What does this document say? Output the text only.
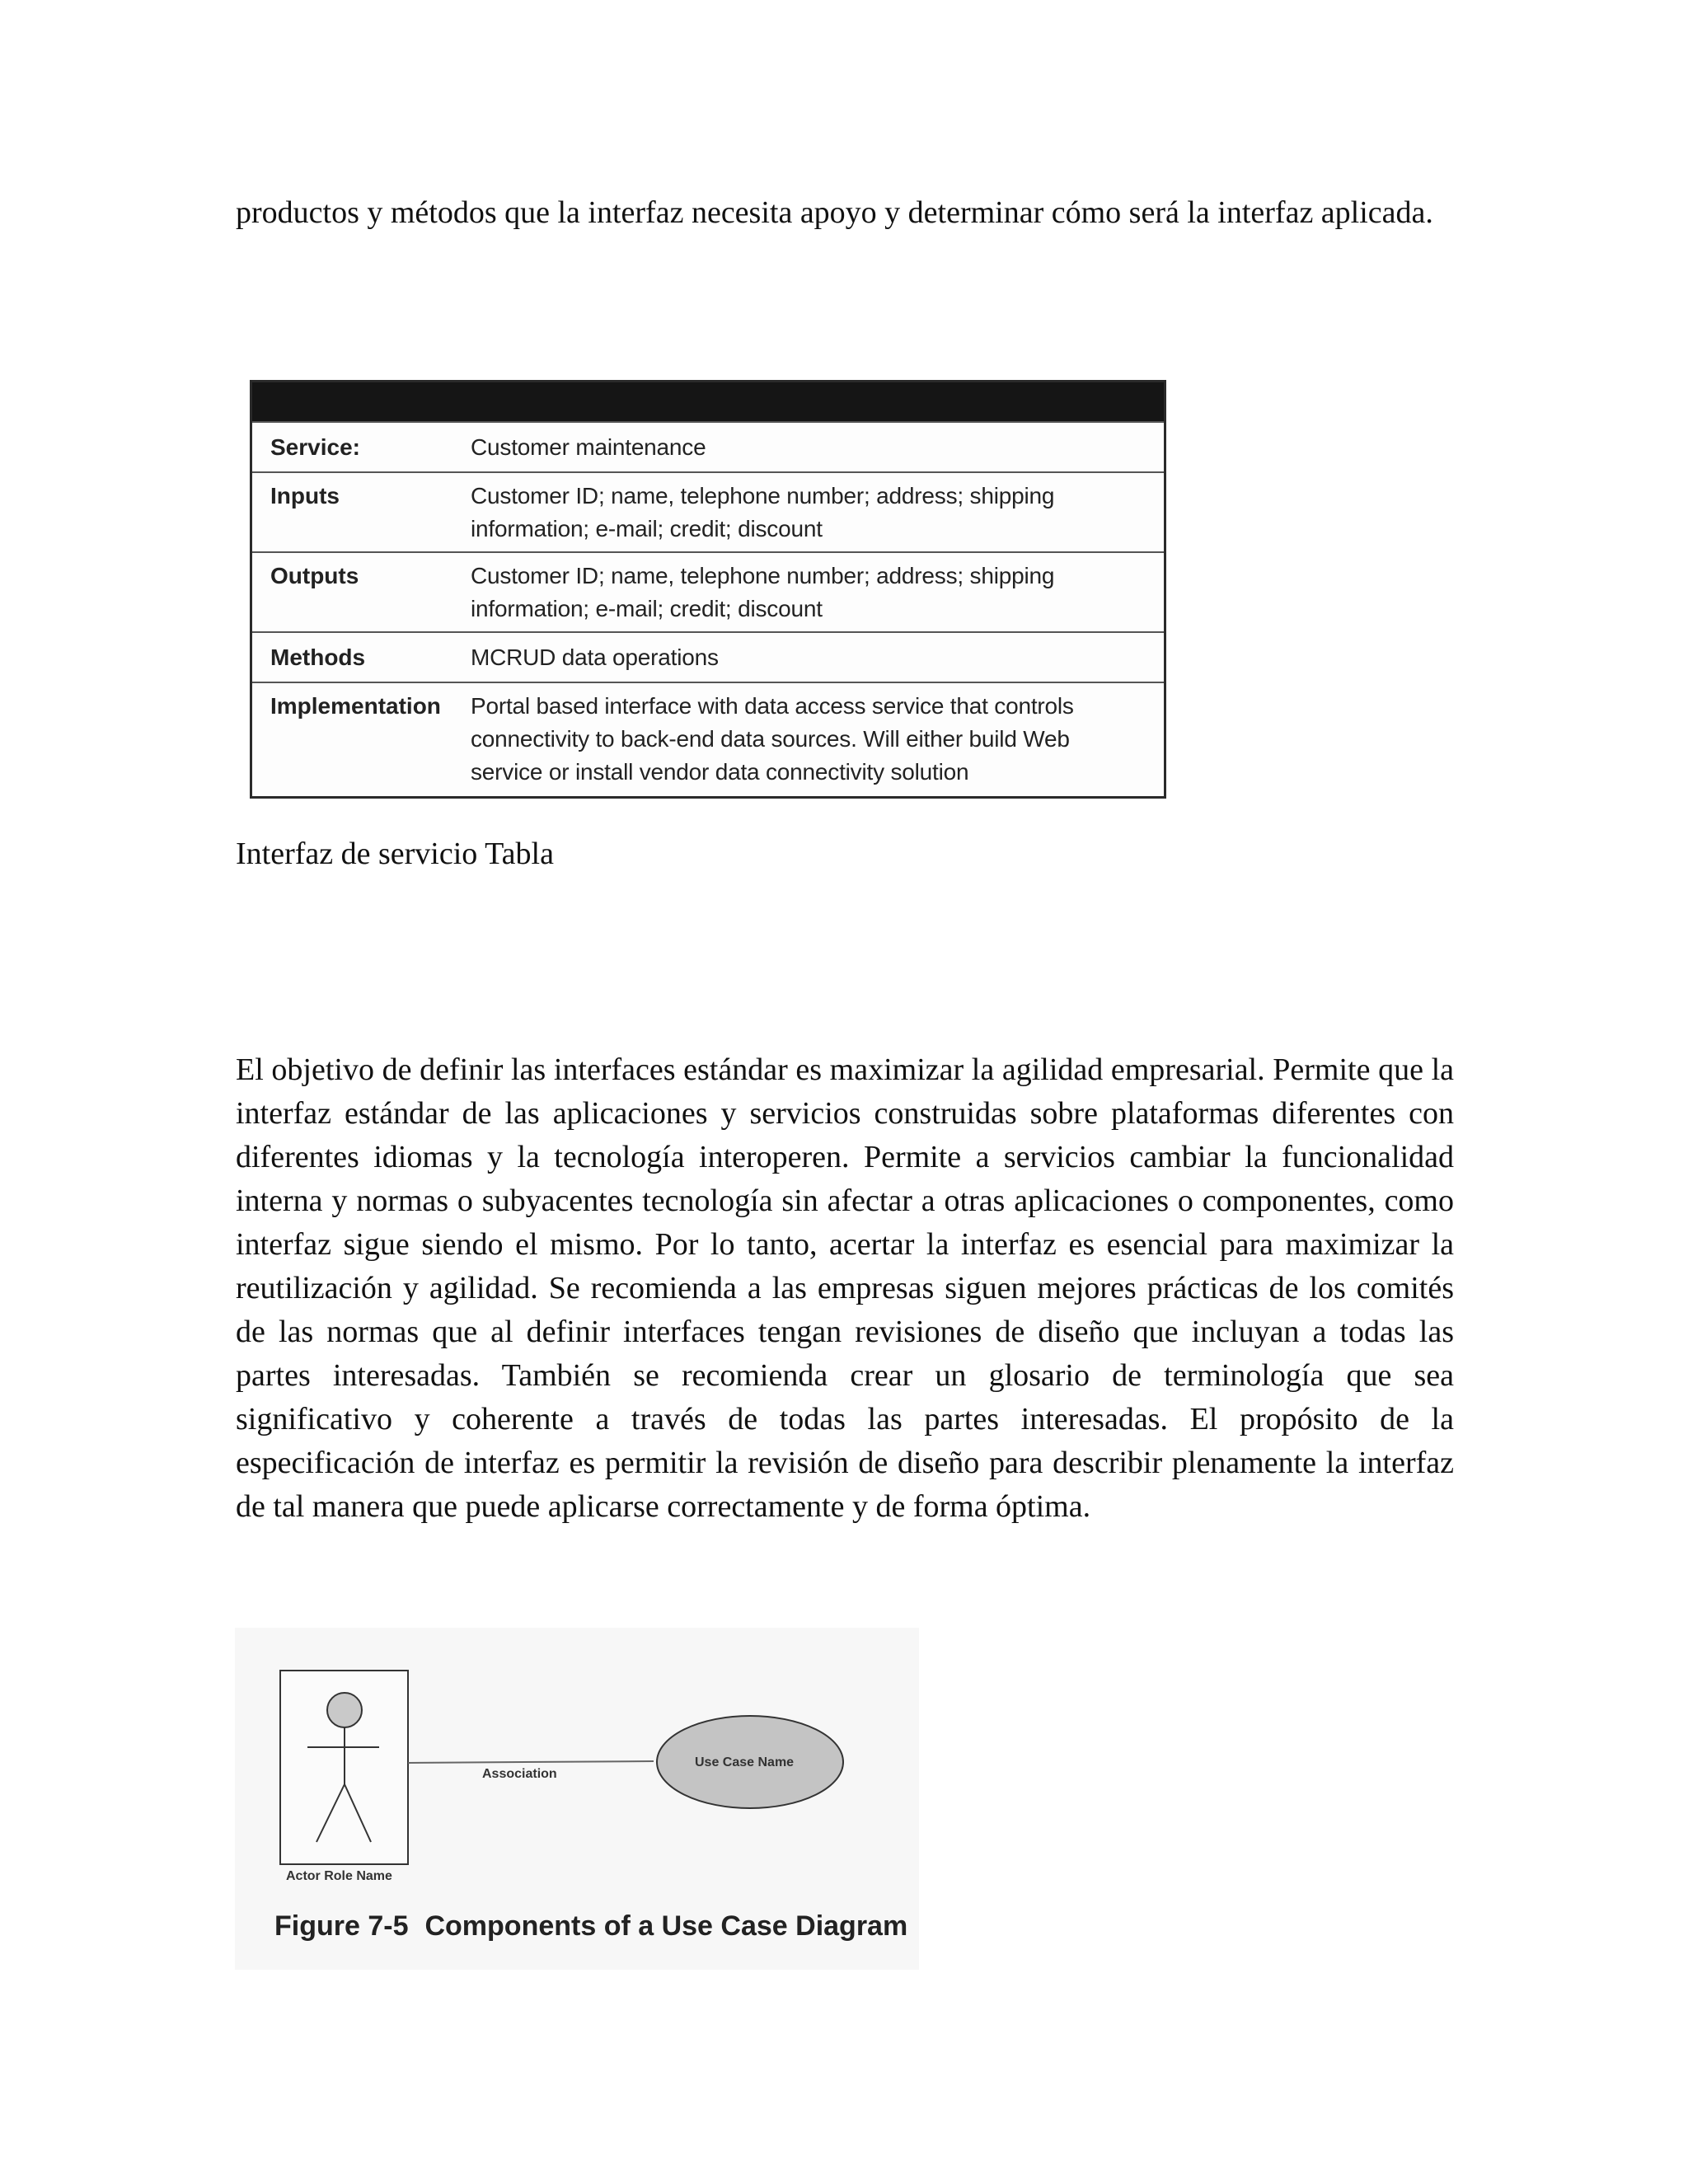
productos y métodos que la interfaz necesita apoyo y determinar cómo será la interfaz aplicada.

Service:	Customer maintenance
Inputs	Customer ID; name, telephone number; address; shipping information; e-mail; credit; discount
Outputs	Customer ID; name, telephone number; address; shipping information; e-mail; credit; discount
Methods	MCRUD data operations
Implementation	Portal based interface with data access service that controls connectivity to back-end data sources. Will either build Web service or install vendor data connectivity solution
Interfaz de servicio Tabla

El objetivo de definir las interfaces estándar es maximizar la agilidad empresarial. Permite que la interfaz estándar de las aplicaciones y servicios construidas sobre plataformas diferentes con diferentes idiomas y la tecnología interoperen. Permite a servicios cambiar la funcionalidad interna y normas o subyacentes tecnología sin afectar a otras aplicaciones o componentes, como interfaz sigue siendo el mismo. Por lo tanto, acertar la interfaz es esencial para maximizar la reutilización y agilidad. Se recomienda a las empresas siguen mejores prácticas de los comités de las normas que al definir interfaces tengan revisiones de diseño que incluyan a todas las partes interesadas. También se recomienda crear un glosario de terminología que sea significativo y coherente a través de todas las partes interesadas. El propósito de la especificación de interfaz es permitir la revisión de diseño para describir plenamente la interfaz de tal manera que puede aplicarse correctamente y de forma óptima.

Actor Role Name
Association
Use Case Name
Figure 7-5 Components of a Use Case Diagram
